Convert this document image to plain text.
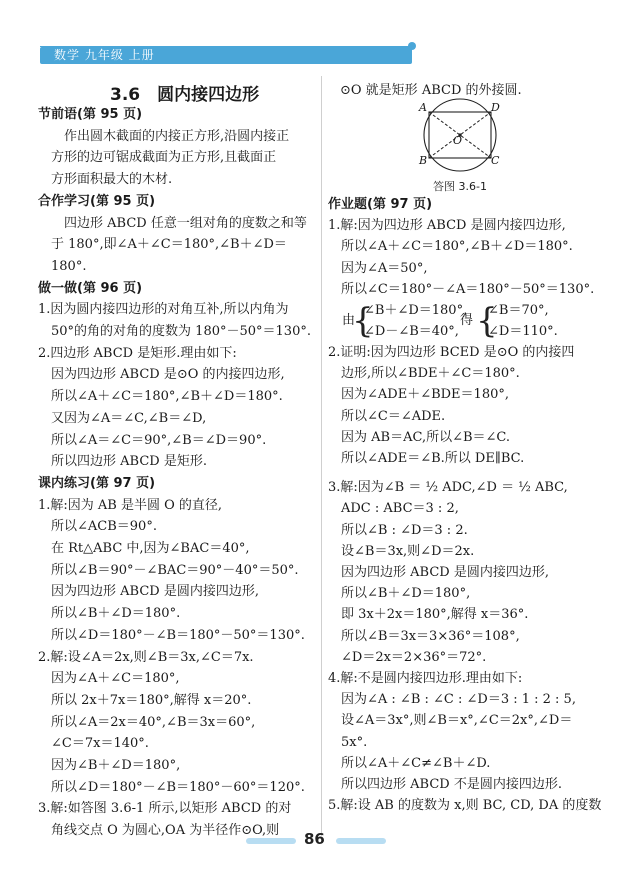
数学 九年级 上册
3.6　圆内接四边形
节前语(第 95 页)
　　作出圆木截面的内接正方形,沿圆内接正
　方形的边可锯成截面为正方形,且截面正
　方形面积最大的木材.
合作学习(第 95 页)
　　四边形 ABCD 任意一组对角的度数之和等
　于 180°,即∠A＋∠C＝180°,∠B＋∠D＝
　180°.
做一做(第 96 页)
1.因为圆内接四边形的对角互补,所以内角为
　50°的角的对角的度数为 180°－50°＝130°.
2.四边形 ABCD 是矩形.理由如下:
　因为四边形 ABCD 是⊙O 的内接四边形,
　所以∠A＋∠C＝180°,∠B＋∠D＝180°.
　又因为∠A＝∠C,∠B＝∠D,
　所以∠A＝∠C＝90°,∠B＝∠D＝90°.
　所以四边形 ABCD 是矩形.
课内练习(第 97 页)
1.解:因为 AB 是半圆 O 的直径,
　所以∠ACB＝90°.
　在 Rt△ABC 中,因为∠BAC＝40°,
　所以∠B＝90°－∠BAC＝90°－40°＝50°.
　因为四边形 ABCD 是圆内接四边形,
　所以∠B＋∠D＝180°.
　所以∠D＝180°－∠B＝180°－50°＝130°.
2.解:设∠A＝2x,则∠B＝3x,∠C＝7x.
　因为∠A＋∠C＝180°,
　所以 2x＋7x＝180°,解得 x＝20°.
　所以∠A＝2x＝40°,∠B＝3x＝60°,
　∠C＝7x＝140°.
　因为∠B＋∠D＝180°,
　所以∠D＝180°－∠B＝180°－60°＝120°.
3.解:如答图 3.6-1 所示,以矩形 ABCD 的对
　角线交点 O 为圆心,OA 为半径作⊙O,则
⊙O 就是矩形 ABCD 的外接圆.
A	D
B	C
O
答图 3.6-1
作业题(第 97 页)
1.解:因为四边形 ABCD 是圆内接四边形,
　所以∠A＋∠C＝180°,∠B＋∠D＝180°.
　因为∠A＝50°,
　所以∠C＝180°－∠A＝180°－50°＝130°.
由
∠B＋∠D＝180°,
∠D－∠B＝40°,
得
∠B＝70°,
∠D＝110°.
{	{
2.证明:因为四边形 BCED 是⊙O 的内接四
　边形,所以∠BDE＋∠C＝180°.
　因为∠ADE＋∠BDE＝180°,
　所以∠C＝∠ADE.
　因为 AB＝AC,所以∠B＝∠C.
　所以∠ADE＝∠B.所以 DE∥BC.
3.解:因为∠B ＝ ½ ADC,∠D ＝ ½ ABC,
　ADC : ABC＝3 : 2,
　所以∠B : ∠D＝3 : 2.
　设∠B＝3x,则∠D＝2x.
　因为四边形 ABCD 是圆内接四边形,
　所以∠B＋∠D＝180°,
　即 3x＋2x＝180°,解得 x＝36°.
　所以∠B＝3x＝3×36°＝108°,
　∠D＝2x＝2×36°＝72°.
4.解:不是圆内接四边形.理由如下:
　因为∠A : ∠B : ∠C : ∠D＝3 : 1 : 2 : 5,
　设∠A＝3x°,则∠B＝x°,∠C＝2x°,∠D＝
　5x°.
　所以∠A＋∠C≠∠B＋∠D.
　所以四边形 ABCD 不是圆内接四边形.
5.解:设 AB 的度数为 x,则 BC, CD, DA 的度数
86
